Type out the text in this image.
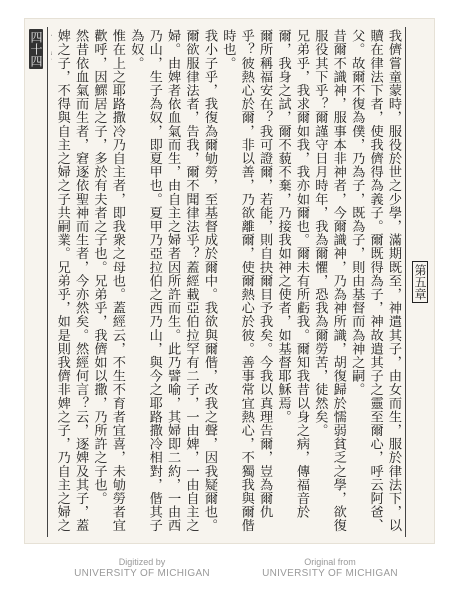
第五章

我儕嘗童蒙時，服役於世之少學，滿期既至，神遣其子，由女而生，服於律法下，以贖在律法下者，使我儕得為義子。爾既得為子，神故遣其子之靈至爾心，呼云阿爸、父。故爾不復為僕，乃為子，既為子，則由基督而為神之嗣。

昔爾不識神，服事本非神者，今爾識神，乃為神所識，胡復歸於懦弱貧乏之學，欲復服役其下乎？爾謹守日月時年，我為爾懼，恐我為爾勞苦，徒然矣。

兄弟乎，我求爾如我，我亦如爾也。爾未有所虧我。爾知我昔以身之病，傳福音於爾，我身之試，爾不藐不棄，乃接我如神之使者，如基督耶穌焉。

爾所稱福安在？我可證爾，若能，則自抉爾目予我矣。今我以真理告爾，豈為爾仇乎？彼熱心於爾，非以善，乃欲離爾，使爾熱心於彼。善事常宜熱心，不獨我與爾偕時也。

我小子乎，我復為爾劬勞，至基督成於爾中。我欲與爾偕，改我之聲，因我疑爾也。

爾欲服律法者，告我，爾不聞律法乎？蓋經載亞伯拉罕有二子，一由婢，一由自主之婦。由婢者依血氣而生，由自主之婦者因所許而生。此乃譬喻，其婦即二約，一由西乃山，生子為奴，即夏甲也。夏甲乃亞拉伯之西乃山，與今之耶路撒冷相對，偕其子為奴。

惟在上之耶路撒冷乃自主者，即我衆之母也。蓋經云，不生不育者宜喜，未劬勞者宜歡呼，因鰥居之子，多於有夫者之子也。兄弟乎，我儕如以撒，乃所許之子也。

然昔依血氣而生者，窘逐依聖神而生者，今亦然矣。然經何言？云，逐婢及其子，蓋婢之子，不得與自主之婦之子共嗣業。兄弟乎，如是則我儕非婢之子，乃自主之婦之

四十四
Digitized by
UNIVERSITY OF MICHIGAN
Original from
UNIVERSITY OF MICHIGAN
